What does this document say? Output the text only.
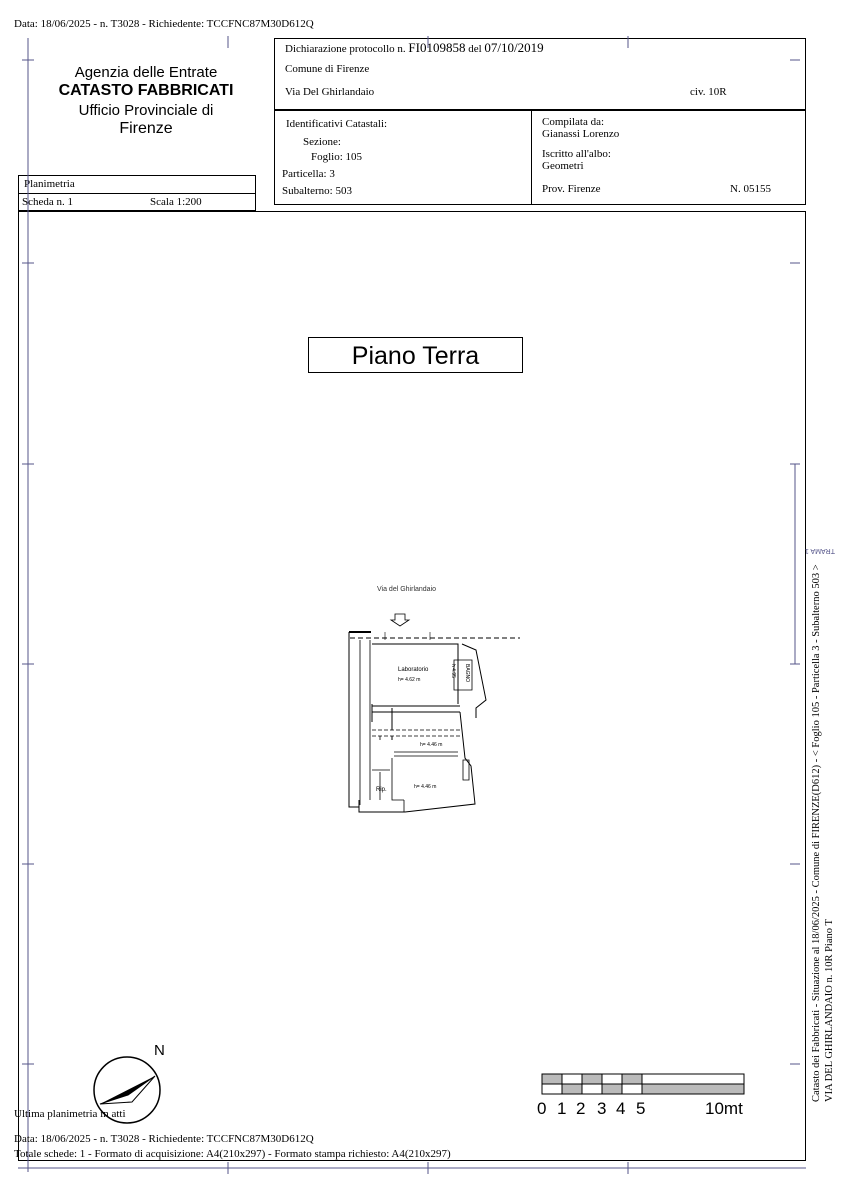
Data: 18/06/2025 - n. T3028 - Richiedente: TCCFNC87M30D612Q
Agenzia delle Entrate
CATASTO FABBRICATI
Ufficio Provinciale di
Firenze
Dichiarazione protocollo n. FI0109858 del 07/10/2019
Comune di Firenze
Via Del Ghirlandaio	civ. 10R
Identificativi Catastali:
Sezione:
Foglio: 105
Particella: 3
Subalterno: 503
Compilata da:
Gianassi Lorenzo
Iscritto all'albo:
Geometri
Prov. Firenze	N. 05155
Planimetria
Scheda n. 1	Scala 1:200
Piano Terra
Via del Ghirlandaio
Laboratorio
h= 4.62 m
h= 4.46 m
h= 4.46 m
Rip.
h 4.95 BAGNO
TRAMA 1
N
0 1 2 3 4 5	10mt
Ultima planimetria in atti
Catasto dei Fabbricati - Situazione al 18/06/2025 - Comune di FIRENZE(D612) - < Foglio 105 - Particella 3 - Subalterno 503 > VIA DEL GHIRLANDAIO n. 10R Piano T
Data: 18/06/2025 - n. T3028 - Richiedente: TCCFNC87M30D612Q
Totale schede: 1 - Formato di acquisizione: A4(210x297) - Formato stampa richiesto: A4(210x297)
